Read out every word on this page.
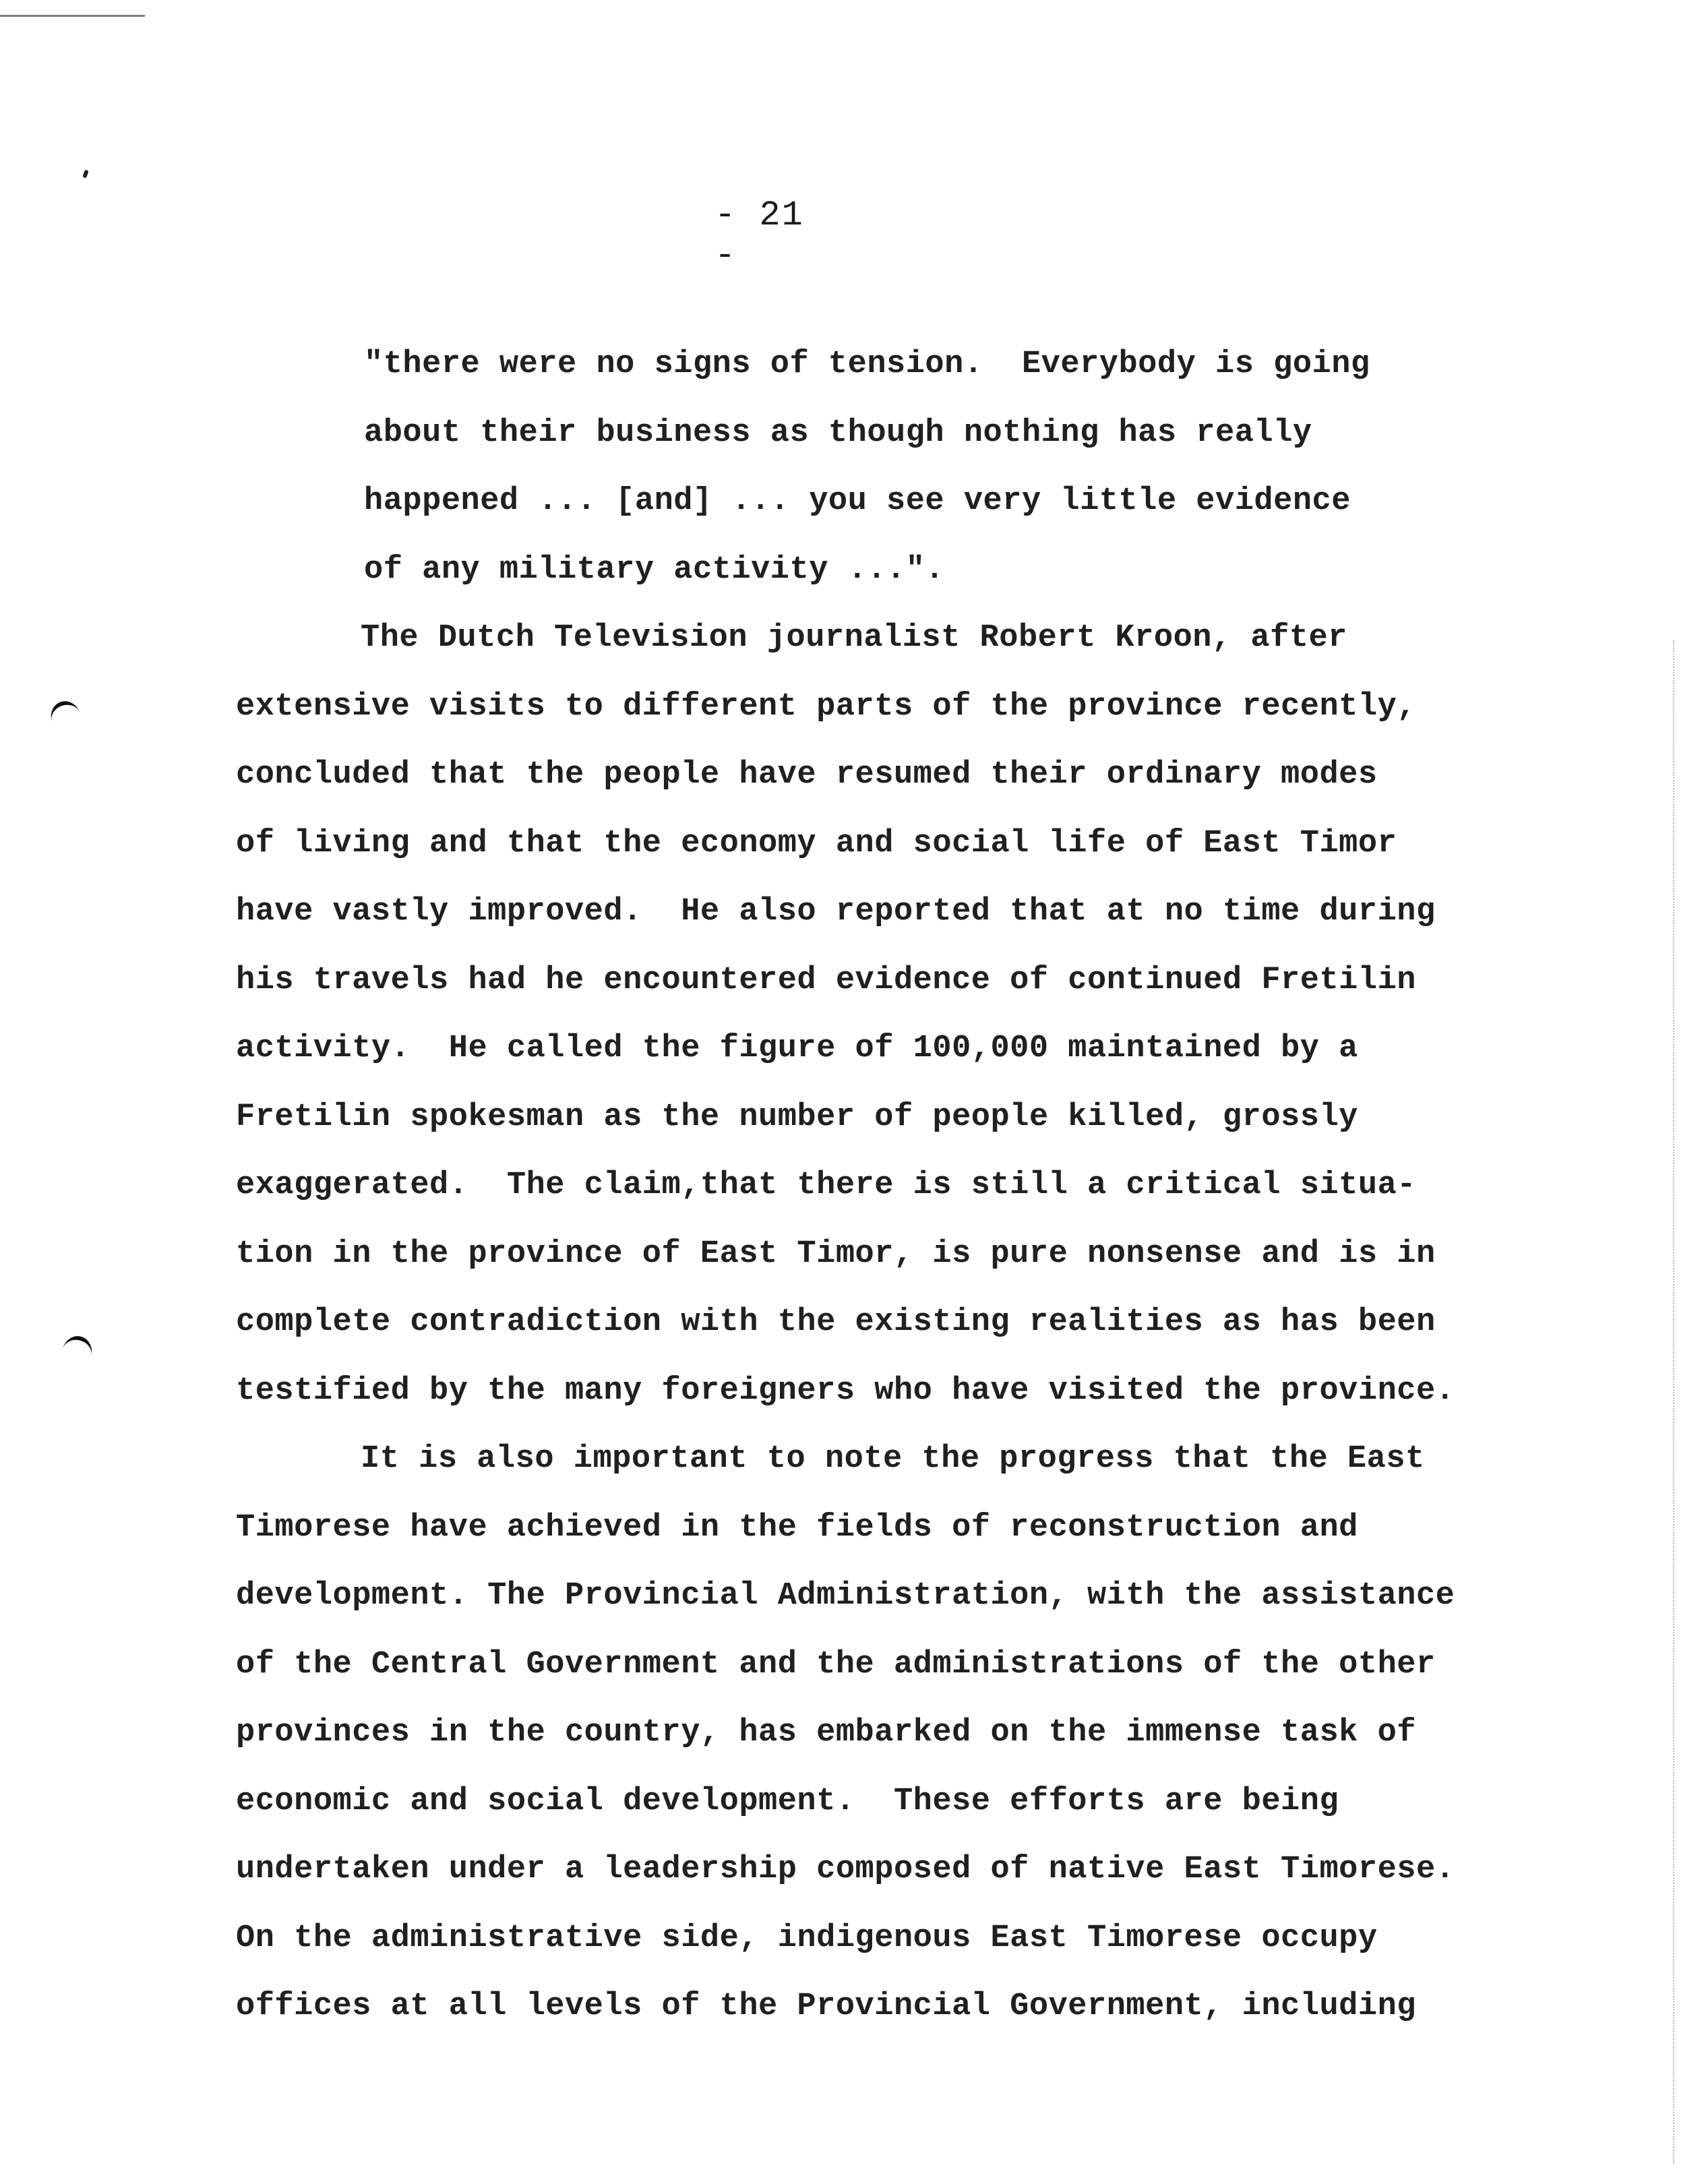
- 21 -
"there were no signs of tension.  Everybody is going
about their business as though nothing has really
happened ... [and] ... you see very little evidence
of any military activity ...".
The Dutch Television journalist Robert Kroon, after
extensive visits to different parts of the province recently,
concluded that the people have resumed their ordinary modes
of living and that the economy and social life of East Timor
have vastly improved.  He also reported that at no time during
his travels had he encountered evidence of continued Fretilin
activity.  He called the figure of 100,000 maintained by a
Fretilin spokesman as the number of people killed, grossly
exaggerated.  The claim,that there is still a critical situa-
tion in the province of East Timor, is pure nonsense and is in
complete contradiction with the existing realities as has been
testified by the many foreigners who have visited the province.
It is also important to note the progress that the East
Timorese have achieved in the fields of reconstruction and
development. The Provincial Administration, with the assistance
of the Central Government and the administrations of the other
provinces in the country, has embarked on the immense task of
economic and social development.  These efforts are being
undertaken under a leadership composed of native East Timorese.
On the administrative side, indigenous East Timorese occupy
offices at all levels of the Provincial Government, including
